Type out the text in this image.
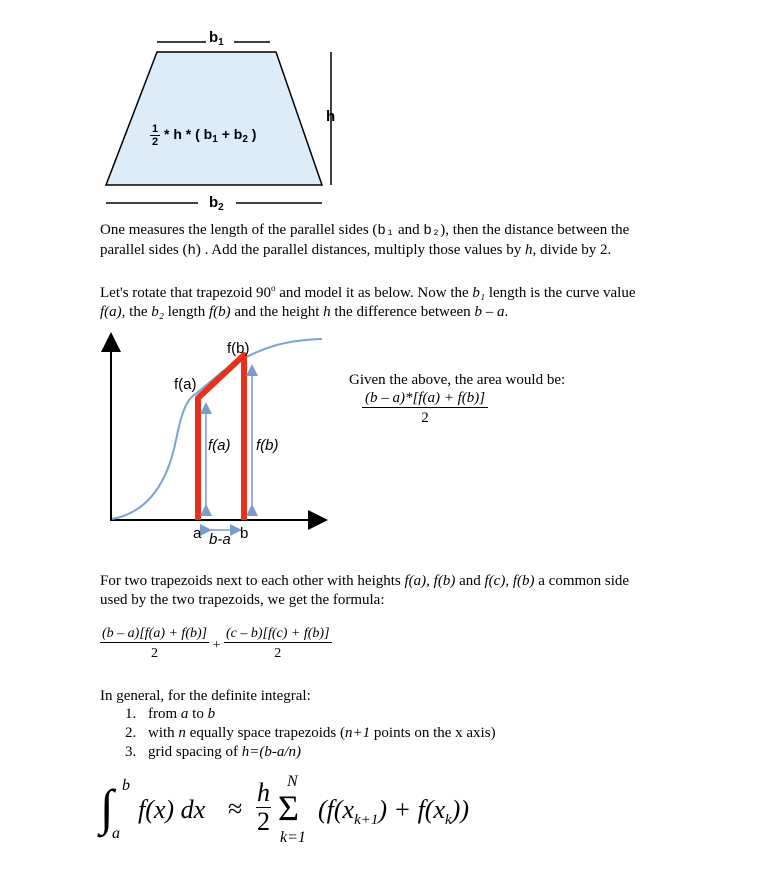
$b_1$
h
$b_2$
$\frac{1}{2}$ * h * ( $b_1 + b_2$ )
One measures the length of the parallel sides (b₁ and b₂), then the distance between the
parallel sides (h) . Add the parallel distances, multiply those values by h, divide by 2.
Let's rotate that trapezoid 90$^o$ and model it as below. Now the b₁ length is the curve value
f(a), the b₂ length f(b) and the height h the difference between b – a.
f(b)
f(a)
f(a) f(b)
a	b
b-a
Given the above, the area would be:
$\frac{(b - a)*[f(a) + f(b)]}{2}$
For two trapezoids next to each other with heights f(a), f(b) and f(c), f(b) a common side
used by the two trapezoids, we get the formula:
$\frac{(b - a)[f(a) + f(b)]}{2} + \frac{(c - b)[f(c) + f(b)]}{2}$
In general, for the definite integral:
1. from a to b
2. with n equally space trapezoids (n+1 points on the x axis)
3. grid spacing of h=(b-a/n)
∫ b
a
f(x) dx ≈ $\frac{h}{2}$ Σ
N
k=1
$(f(x_{k+1}) + f(x_k))$
